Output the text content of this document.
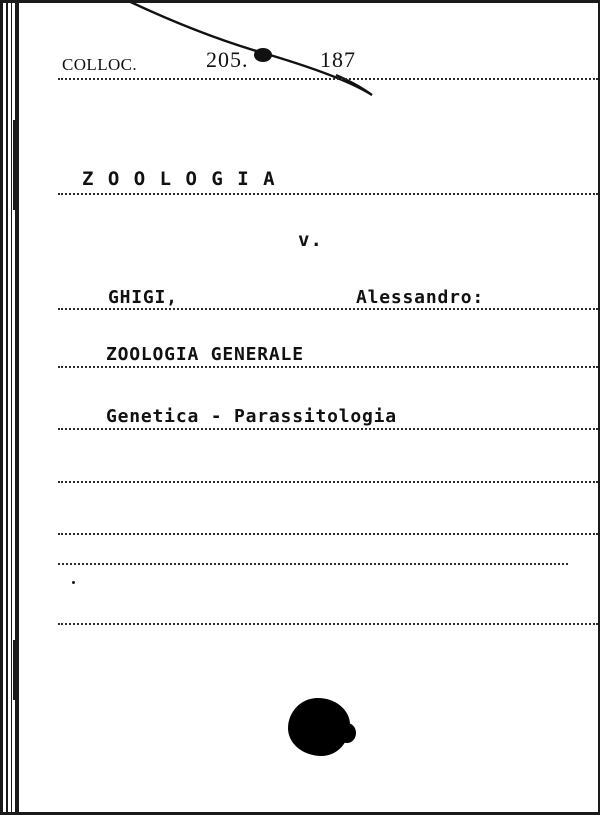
COLLOC.	205.	187
Z O O L O G I A
v.
GHIGI,	Alessandro:
ZOOLOGIA GENERALE
Genetica - Parassitologia
